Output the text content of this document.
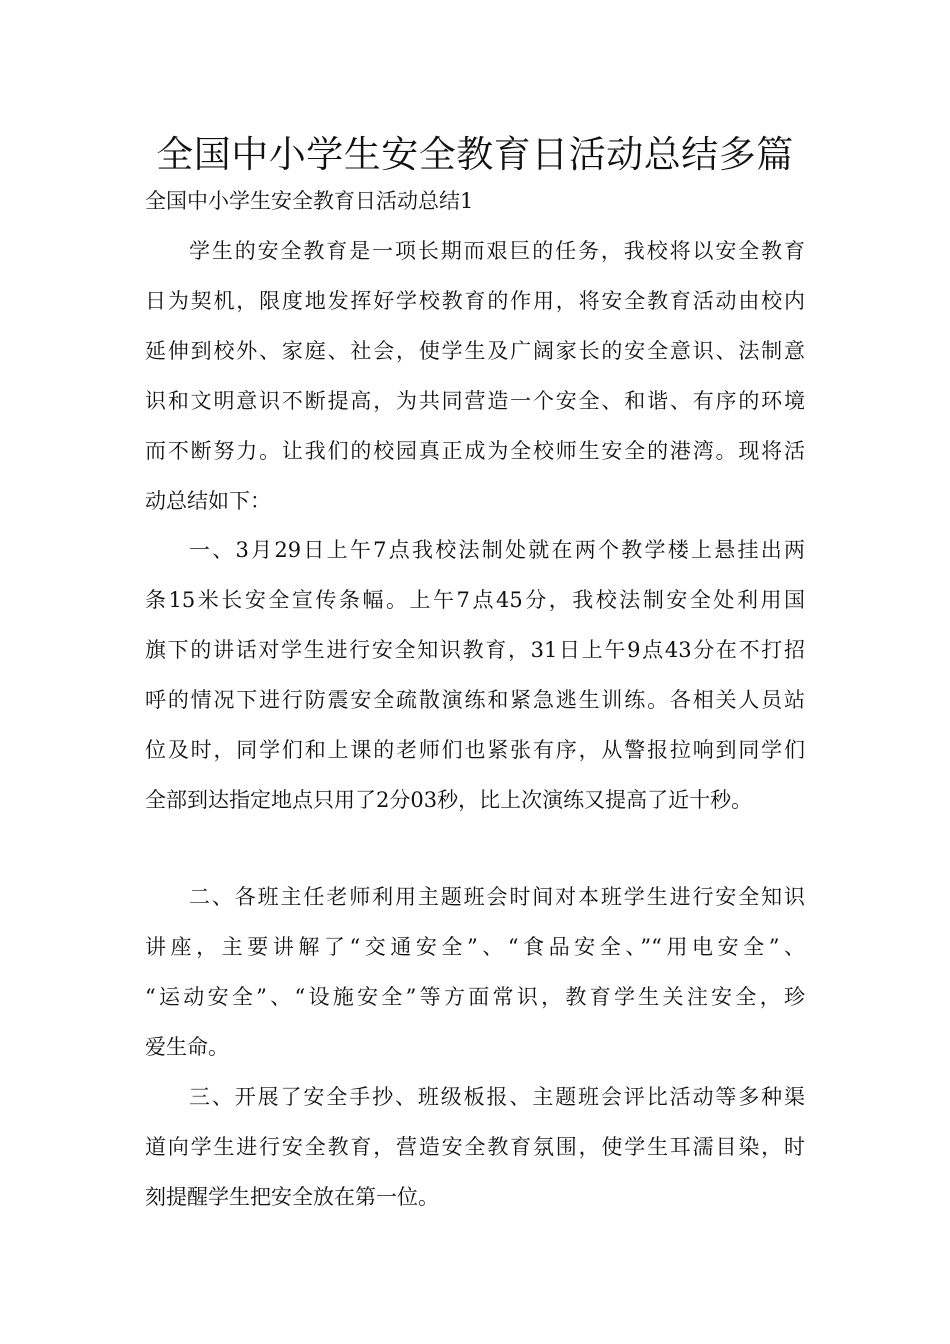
全国中小学生安全教育日活动总结多篇

全国中小学生安全教育日活动总结1

学生的安全教育是一项长期而艰巨的任务，我校将以安全教育
日为契机，限度地发挥好学校教育的作用，将安全教育活动由校内
延伸到校外、家庭、社会，使学生及广阔家长的安全意识、法制意
识和文明意识不断提高，为共同营造一个安全、和谐、有序的环境
而不断努力。让我们的校园真正成为全校师生安全的港湾。现将活
动总结如下：

一、3月29日上午7点我校法制处就在两个教学楼上悬挂出两
条15米长安全宣传条幅。上午7点45分，我校法制安全处利用国
旗下的讲话对学生进行安全知识教育，31日上午9点43分在不打招
呼的情况下进行防震安全疏散演练和紧急逃生训练。各相关人员站
位及时，同学们和上课的老师们也紧张有序，从警报拉响到同学们
全部到达指定地点只用了2分03秒，比上次演练又提高了近十秒。

二、各班主任老师利用主题班会时间对本班学生进行安全知识
讲座，主要讲解了“交通安全”、“食品安全、”“用电安全”、
“运动安全”、“设施安全”等方面常识，教育学生关注安全，珍
爱生命。

三、开展了安全手抄、班级板报、主题班会评比活动等多种渠
道向学生进行安全教育，营造安全教育氛围，使学生耳濡目染，时
刻提醒学生把安全放在第一位。
